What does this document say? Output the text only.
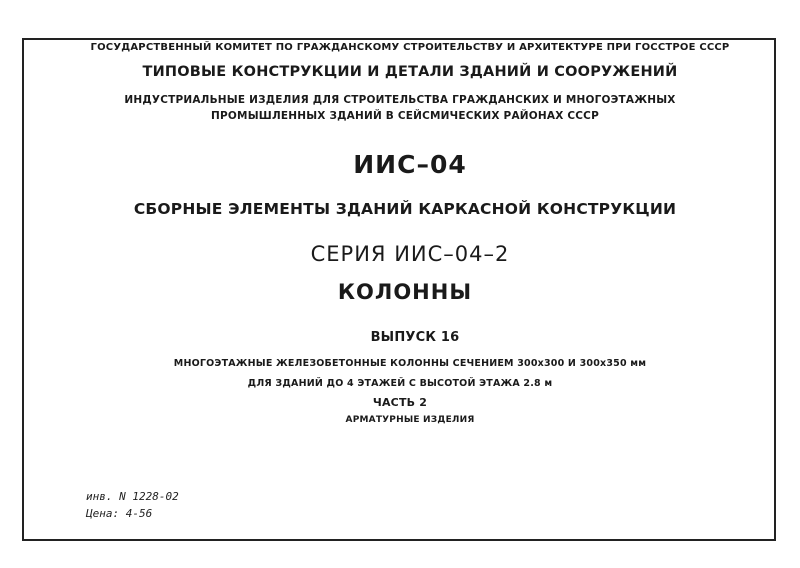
ГОСУДАРСТВЕННЫЙ КОМИТЕТ ПО ГРАЖДАНСКОМУ СТРОИТЕЛЬСТВУ И АРХИТЕКТУРЕ ПРИ ГОССТРОЕ СССР
ТИПОВЫЕ КОНСТРУКЦИИ И ДЕТАЛИ ЗДАНИЙ И СООРУЖЕНИЙ
ИНДУСТРИАЛЬНЫЕ ИЗДЕЛИЯ ДЛЯ СТРОИТЕЛЬСТВА ГРАЖДАНСКИХ И МНОГОЭТАЖНЫХ
ПРОМЫШЛЕННЫХ ЗДАНИЙ В СЕЙСМИЧЕСКИХ РАЙОНАХ СССР
ИИС–04
СБОРНЫЕ ЭЛЕМЕНТЫ ЗДАНИЙ КАРКАСНОЙ КОНСТРУКЦИИ
СЕРИЯ ИИС–04–2
КОЛОННЫ
ВЫПУСК 16
МНОГОЭТАЖНЫЕ ЖЕЛЕЗОБЕТОННЫЕ КОЛОННЫ СЕЧЕНИЕМ 300х300 И 300х350 мм
ДЛЯ ЗДАНИЙ ДО 4 ЭТАЖЕЙ С ВЫСОТОЙ ЭТАЖА 2.8 м
ЧАСТЬ 2
АРМАТУРНЫЕ ИЗДЕЛИЯ
инв. N 1228-02
Цена: 4-56
